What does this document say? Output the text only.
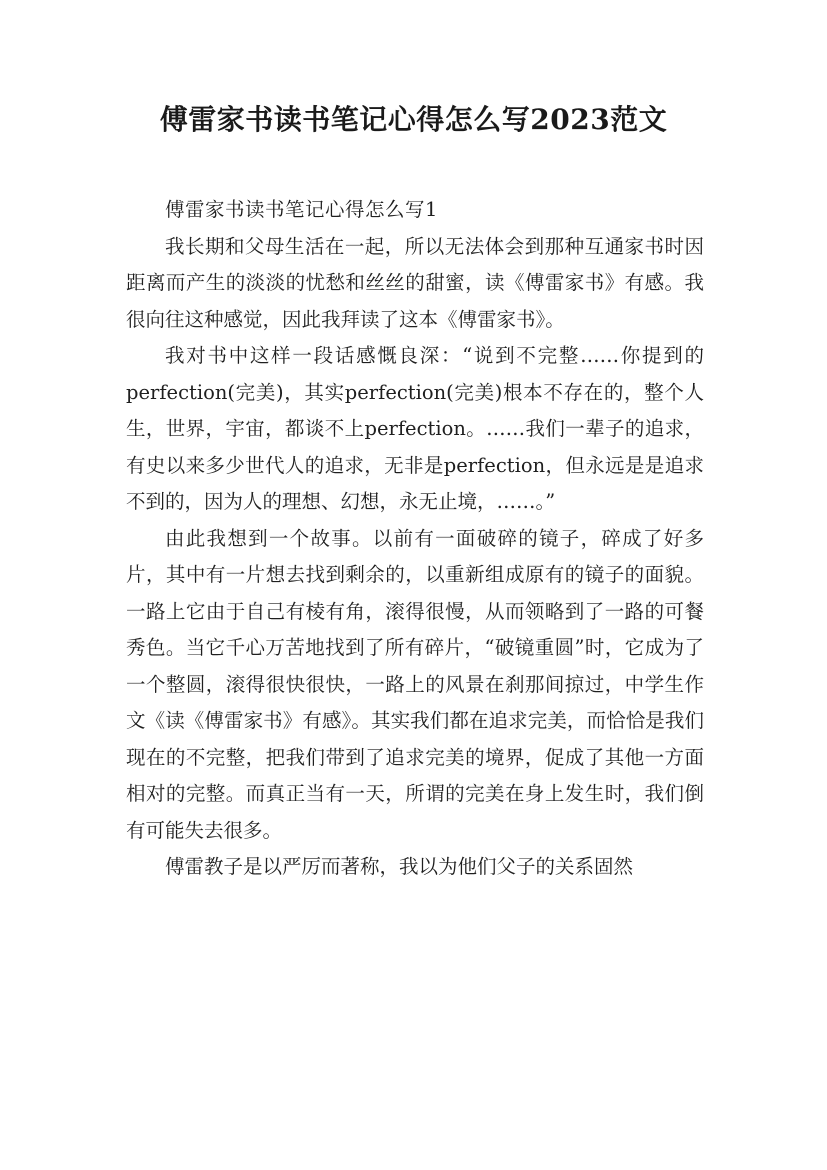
傅雷家书读书笔记心得怎么写2023范文

傅雷家书读书笔记心得怎么写1

我长期和父母生活在一起，所以无法体会到那种互通家书时因距离而产生的淡淡的忧愁和丝丝的甜蜜，读《傅雷家书》有感。我很向往这种感觉，因此我拜读了这本《傅雷家书》。

我对书中这样一段话感慨良深：“说到不完整……你提到的perfection(完美)，其实perfection(完美)根本不存在的，整个人生，世界，宇宙，都谈不上perfection。……我们一辈子的追求，有史以来多少世代人的追求，无非是perfection，但永远是是追求不到的，因为人的理想、幻想，永无止境，……。”

由此我想到一个故事。以前有一面破碎的镜子，碎成了好多片，其中有一片想去找到剩余的，以重新组成原有的镜子的面貌。一路上它由于自己有棱有角，滚得很慢，从而领略到了一路的可餐秀色。当它千心万苦地找到了所有碎片，“破镜重圆”时，它成为了一个整圆，滚得很快很快，一路上的风景在刹那间掠过，中学生作文《读《傅雷家书》有感》。其实我们都在追求完美，而恰恰是我们现在的不完整，把我们带到了追求完美的境界，促成了其他一方面相对的完整。而真正当有一天，所谓的完美在身上发生时，我们倒有可能失去很多。

傅雷教子是以严厉而著称，我以为他们父子的关系固然
